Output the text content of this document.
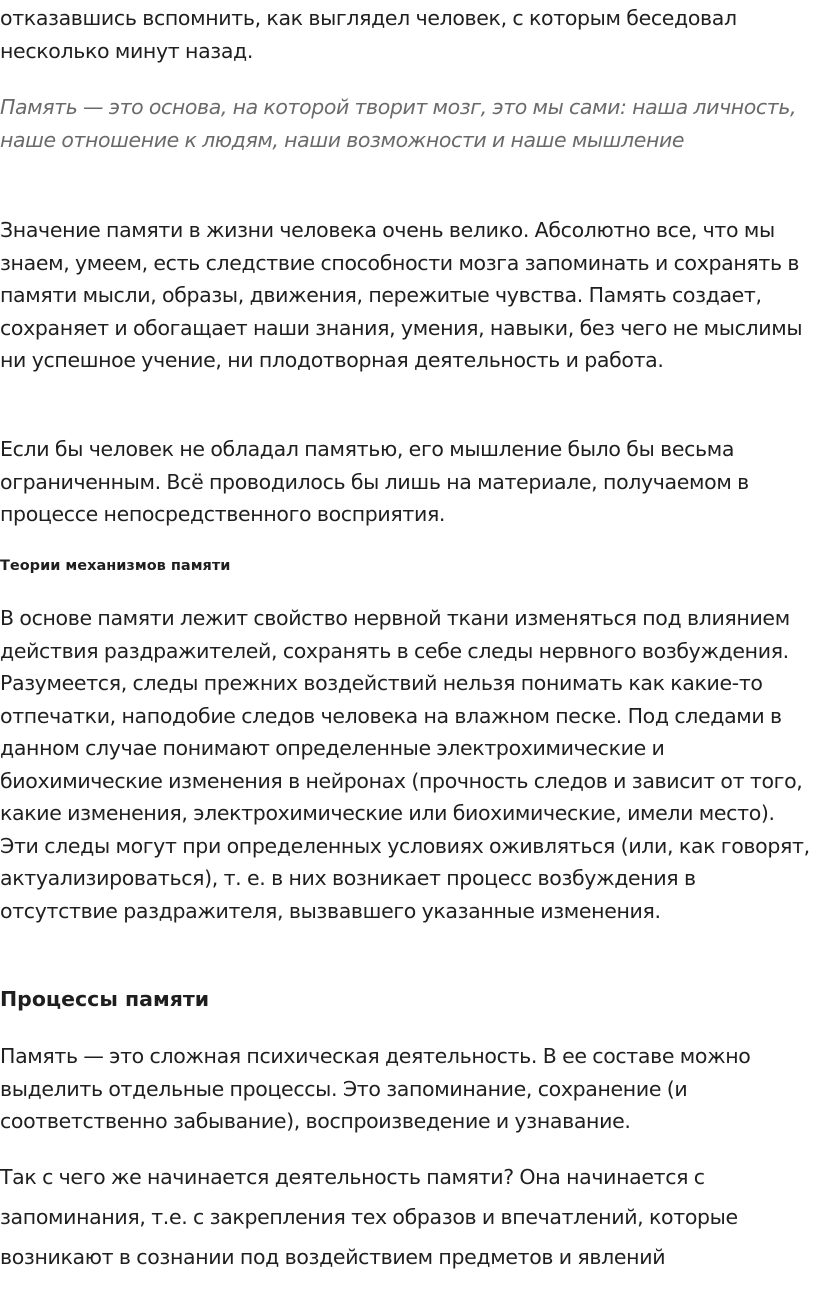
отказавшись вспомнить, как выглядел человек, с которым беседовал несколько минут назад.

Память — это основа, на которой творит мозг, это мы сами: наша личность, наше отношение к людям, наши возможности и наше мышление

Значение памяти в жизни человека очень велико. Абсолютно все, что мы знаем, умеем, есть следствие способности мозга запоминать и сохранять в памяти мысли, образы, движения, пережитые чувства. Память создает, сохраняет и обогащает наши знания, умения, навыки, без чего не мыслимы ни успешное учение, ни плодотворная деятельность и работа.

Если бы человек не обладал памятью, его мышление было бы весьма ограниченным. Всё проводилось бы лишь на материале, получаемом в процессе непосредственного восприятия.

Теории механизмов памяти

В основе памяти лежит свойство нервной ткани изменяться под влиянием действия раздражителей, сохранять в себе следы нервного возбуждения. Разумеется, следы прежних воздействий нельзя понимать как какие-то отпечатки, наподобие следов человека на влажном песке. Под следами в данном случае понимают определенные электрохимические и биохимические изменения в нейронах (прочность следов и зависит от того, какие изменения, электрохимические или биохимические, имели место). Эти следы могут при определенных условиях оживляться (или, как говорят, актуализироваться), т. е. в них возникает процесс возбуждения в отсутствие раздражителя, вызвавшего указанные изменения.

Процессы памяти

Память — это сложная психическая деятельность. В ее составе можно выделить отдельные процессы. Это запоминание, сохранение (и соответственно забывание), воспроизведение и узнавание.

Так с чего же начинается деятельность памяти? Она начинается с запоминания, т.е. с закрепления тех образов и впечатлений, которые возникают в сознании под воздействием предметов и явлений
